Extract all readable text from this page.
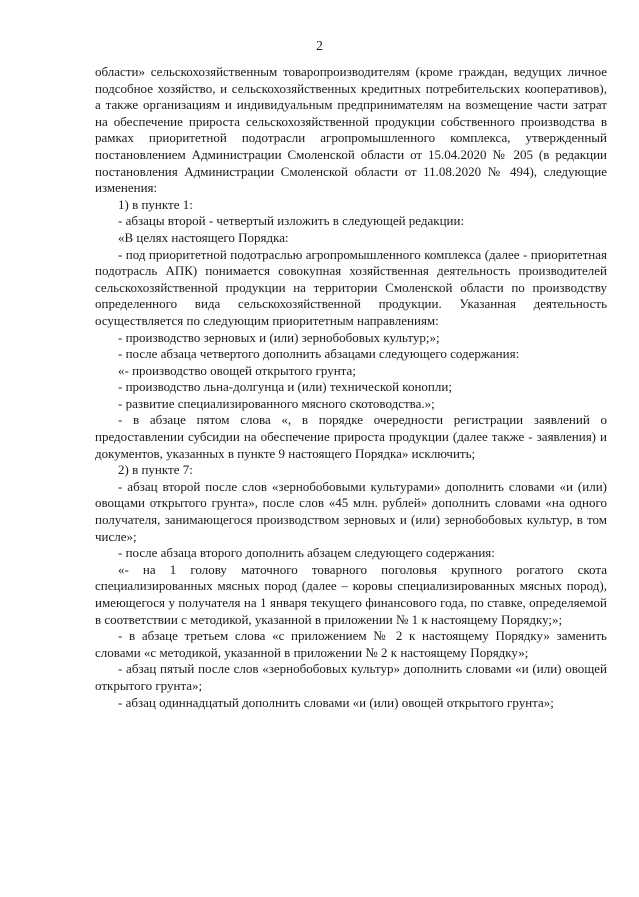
2

области» сельскохозяйственным товаропроизводителям (кроме граждан, ведущих личное подсобное хозяйство, и сельскохозяйственных кредитных потребительских кооперативов), а также организациям и индивидуальным предпринимателям на возмещение части затрат на обеспечение прироста сельскохозяйственной продукции собственного производства в рамках приоритетной подотрасли агропромышленного комплекса, утвержденный постановлением Администрации Смоленской области от 15.04.2020 № 205 (в редакции постановления Администрации Смоленской области от 11.08.2020 № 494), следующие изменения:

1) в пункте 1:

- абзацы второй - четвертый изложить в следующей редакции:

«В целях настоящего Порядка:

- под приоритетной подотраслью агропромышленного комплекса (далее - приоритетная подотрасль АПК) понимается совокупная хозяйственная деятельность производителей сельскохозяйственной продукции на территории Смоленской области по производству определенного вида сельскохозяйственной продукции. Указанная деятельность осуществляется по следующим приоритетным направлениям:

- производство зерновых и (или) зернобобовых культур;»;

- после абзаца четвертого дополнить абзацами следующего содержания:

«- производство овощей открытого грунта;

- производство льна-долгунца и (или) технической конопли;

- развитие специализированного мясного скотоводства.»;

- в абзаце пятом слова «, в порядке очередности регистрации заявлений о предоставлении субсидии на обеспечение прироста продукции (далее также - заявления) и документов, указанных в пункте 9 настоящего Порядка» исключить;

2) в пункте 7:

- абзац второй после слов «зернобобовыми культурами» дополнить словами «и (или) овощами открытого грунта», после слов «45 млн. рублей» дополнить словами «на одного получателя, занимающегося производством зерновых и (или) зернобобовых культур, в том числе»;

- после абзаца второго дополнить абзацем следующего содержания:

«- на 1 голову маточного товарного поголовья крупного рогатого скота специализированных мясных пород (далее – коровы специализированных мясных пород), имеющегося у получателя на 1 января текущего финансового года, по ставке, определяемой в соответствии с методикой, указанной в приложении № 1 к настоящему Порядку;»;

- в абзаце третьем слова «с приложением № 2 к настоящему Порядку» заменить словами «с методикой, указанной в приложении № 2 к настоящему Порядку»;

- абзац пятый после слов «зернобобовых культур» дополнить словами «и (или) овощей открытого грунта»;

- абзац одиннадцатый дополнить словами «и (или) овощей открытого грунта»;
